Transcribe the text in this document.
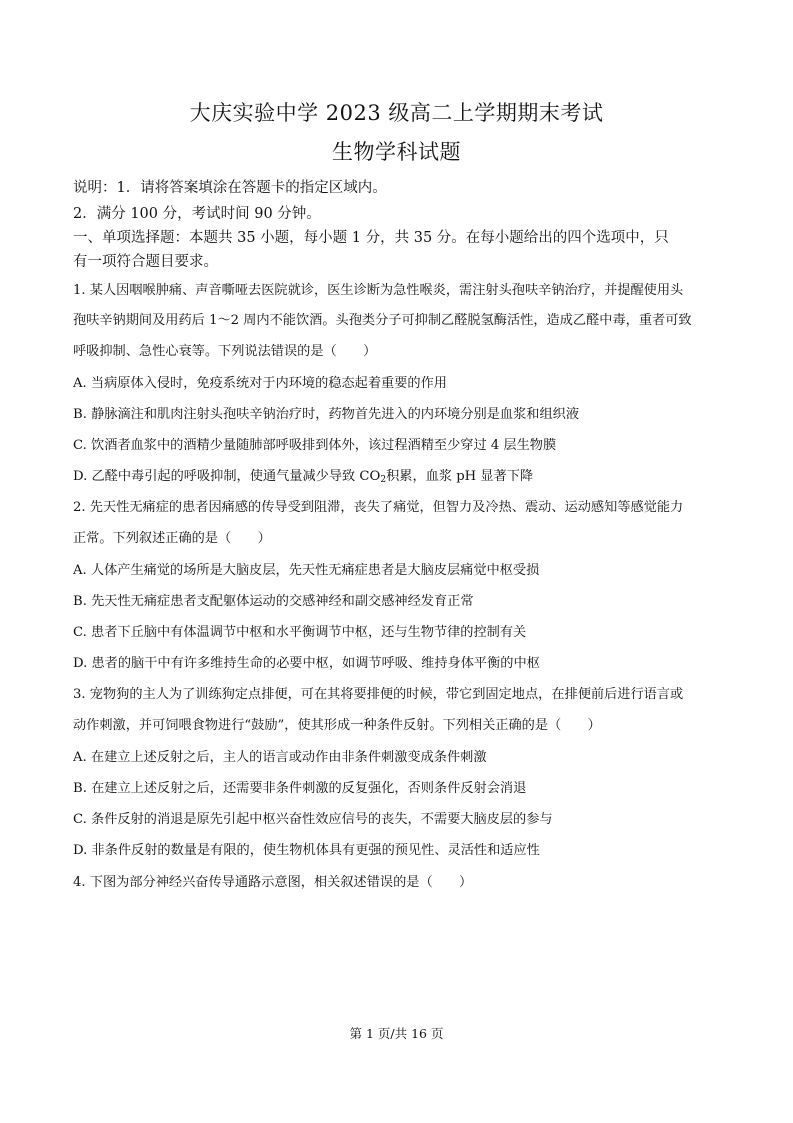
大庆实验中学 2023 级高二上学期期末考试
生物学科试题
说明：1．请将答案填涂在答题卡的指定区域内。
2．满分 100 分，考试时间 90 分钟。
一、单项选择题：本题共 35 小题，每小题 1 分，共 35 分。在每小题给出的四个选项中，只
有一项符合题目要求。
1. 某人因咽喉肿痛、声音嘶哑去医院就诊，医生诊断为急性喉炎，需注射头孢呋辛钠治疗，并提醒使用头
孢呋辛钠期间及用药后 1～2 周内不能饮酒。头孢类分子可抑制乙醛脱氢酶活性，造成乙醛中毒，重者可致
呼吸抑制、急性心衰等。下列说法错误的是（　　）
A. 当病原体入侵时，免疫系统对于内环境的稳态起着重要的作用
B. 静脉滴注和肌肉注射头孢呋辛钠治疗时，药物首先进入的内环境分别是血浆和组织液
C. 饮酒者血浆中的酒精少量随肺部呼吸排到体外，该过程酒精至少穿过 4 层生物膜
D. 乙醛中毒引起的呼吸抑制，使通气量减少导致 $CO_2$积累，血浆 pH 显著下降
2. 先天性无痛症的患者因痛感的传导受到阻滞，丧失了痛觉，但智力及冷热、震动、运动感知等感觉能力
正常。下列叙述正确的是（　　）
A. 人体产生痛觉的场所是大脑皮层，先天性无痛症患者是大脑皮层痛觉中枢受损
B. 先天性无痛症患者支配躯体运动的交感神经和副交感神经发育正常
C. 患者下丘脑中有体温调节中枢和水平衡调节中枢，还与生物节律的控制有关
D. 患者的脑干中有许多维持生命的必要中枢，如调节呼吸、维持身体平衡的中枢
3. 宠物狗的主人为了训练狗定点排便，可在其将要排便的时候，带它到固定地点，在排便前后进行语言或
动作刺激，并可饲喂食物进行“鼓励”，使其形成一种条件反射。下列相关正确的是（　　）
A. 在建立上述反射之后，主人的语言或动作由非条件刺激变成条件刺激
B. 在建立上述反射之后，还需要非条件刺激的反复强化，否则条件反射会消退
C. 条件反射的消退是原先引起中枢兴奋性效应信号的丧失，不需要大脑皮层的参与
D. 非条件反射的数量是有限的，使生物机体具有更强的预见性、灵活性和适应性
4. 下图为部分神经兴奋传导通路示意图，相关叙述错误的是（　　）
第 1 页/共 16 页
